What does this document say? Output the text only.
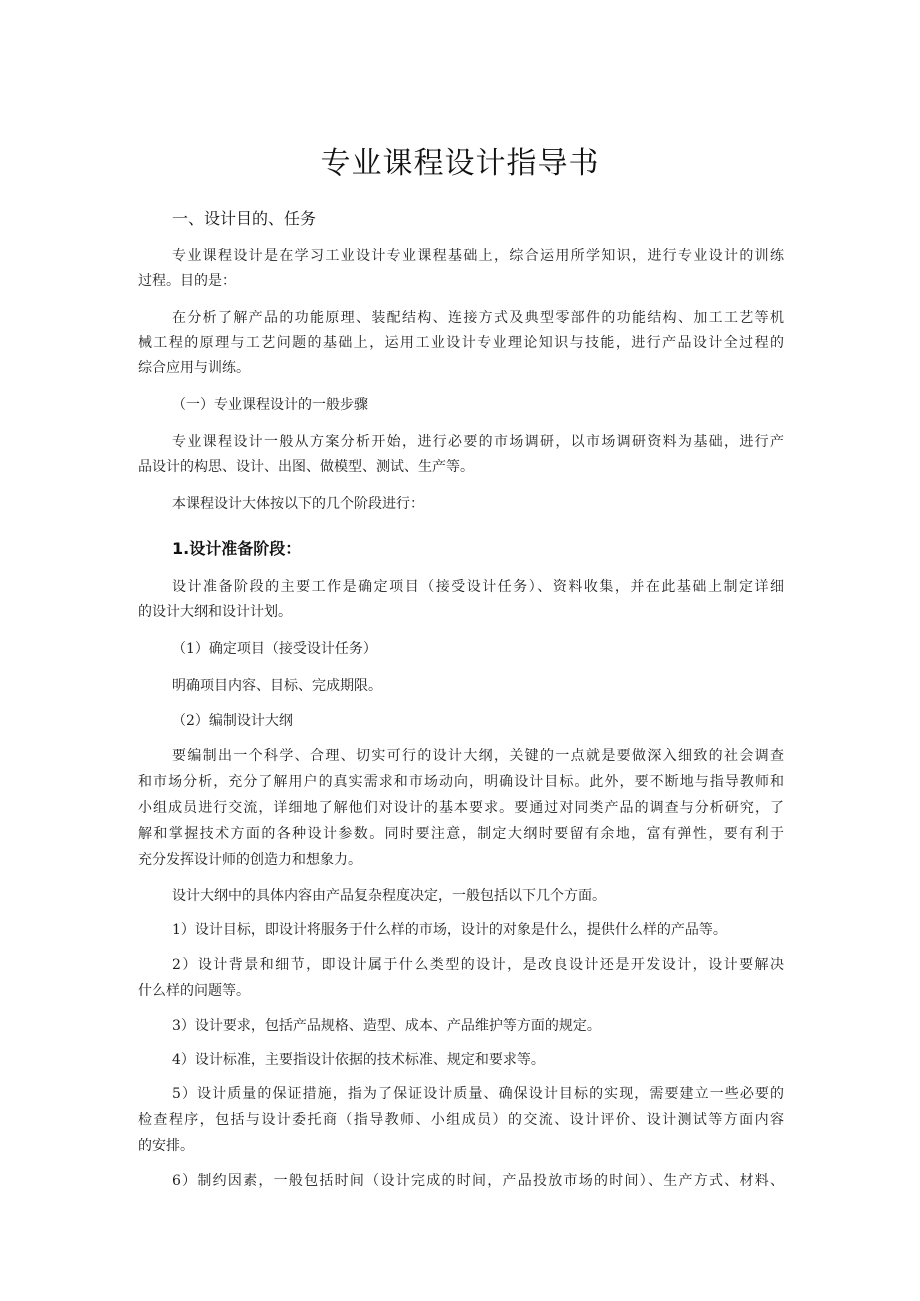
专业课程设计指导书
一、设计目的、任务
专业课程设计是在学习工业设计专业课程基础上，综合运用所学知识，进行专业设计的训练
过程。目的是：
在分析了解产品的功能原理、装配结构、连接方式及典型零部件的功能结构、加工工艺等机
械工程的原理与工艺问题的基础上，运用工业设计专业理论知识与技能，进行产品设计全过程的
综合应用与训练。
（一）专业课程设计的一般步骤
专业课程设计一般从方案分析开始，进行必要的市场调研，以市场调研资料为基础，进行产
品设计的构思、设计、出图、做模型、测试、生产等。
本课程设计大体按以下的几个阶段进行：
1.设计准备阶段：
设计准备阶段的主要工作是确定项目（接受设计任务）、资料收集，并在此基础上制定详细
的设计大纲和设计计划。
（1）确定项目（接受设计任务）
明确项目内容、目标、完成期限。
（2）编制设计大纲
要编制出一个科学、合理、切实可行的设计大纲，关键的一点就是要做深入细致的社会调查
和市场分析，充分了解用户的真实需求和市场动向，明确设计目标。此外，要不断地与指导教师和
小组成员进行交流，详细地了解他们对设计的基本要求。要通过对同类产品的调查与分析研究，了
解和掌握技术方面的各种设计参数。同时要注意，制定大纲时要留有余地，富有弹性，要有利于
充分发挥设计师的创造力和想象力。
设计大纲中的具体内容由产品复杂程度决定，一般包括以下几个方面。
1）设计目标，即设计将服务于什么样的市场，设计的对象是什么，提供什么样的产品等。
2）设计背景和细节，即设计属于什么类型的设计，是改良设计还是开发设计，设计要解决
什么样的问题等。
3）设计要求，包括产品规格、造型、成本、产品维护等方面的规定。
4）设计标准，主要指设计依据的技术标准、规定和要求等。
5）设计质量的保证措施，指为了保证设计质量、确保设计目标的实现，需要建立一些必要的
检查程序，包括与设计委托商（指导教师、小组成员）的交流、设计评价、设计测试等方面内容
的安排。
6）制约因素，一般包括时间（设计完成的时间，产品投放市场的时间）、生产方式、材料、
